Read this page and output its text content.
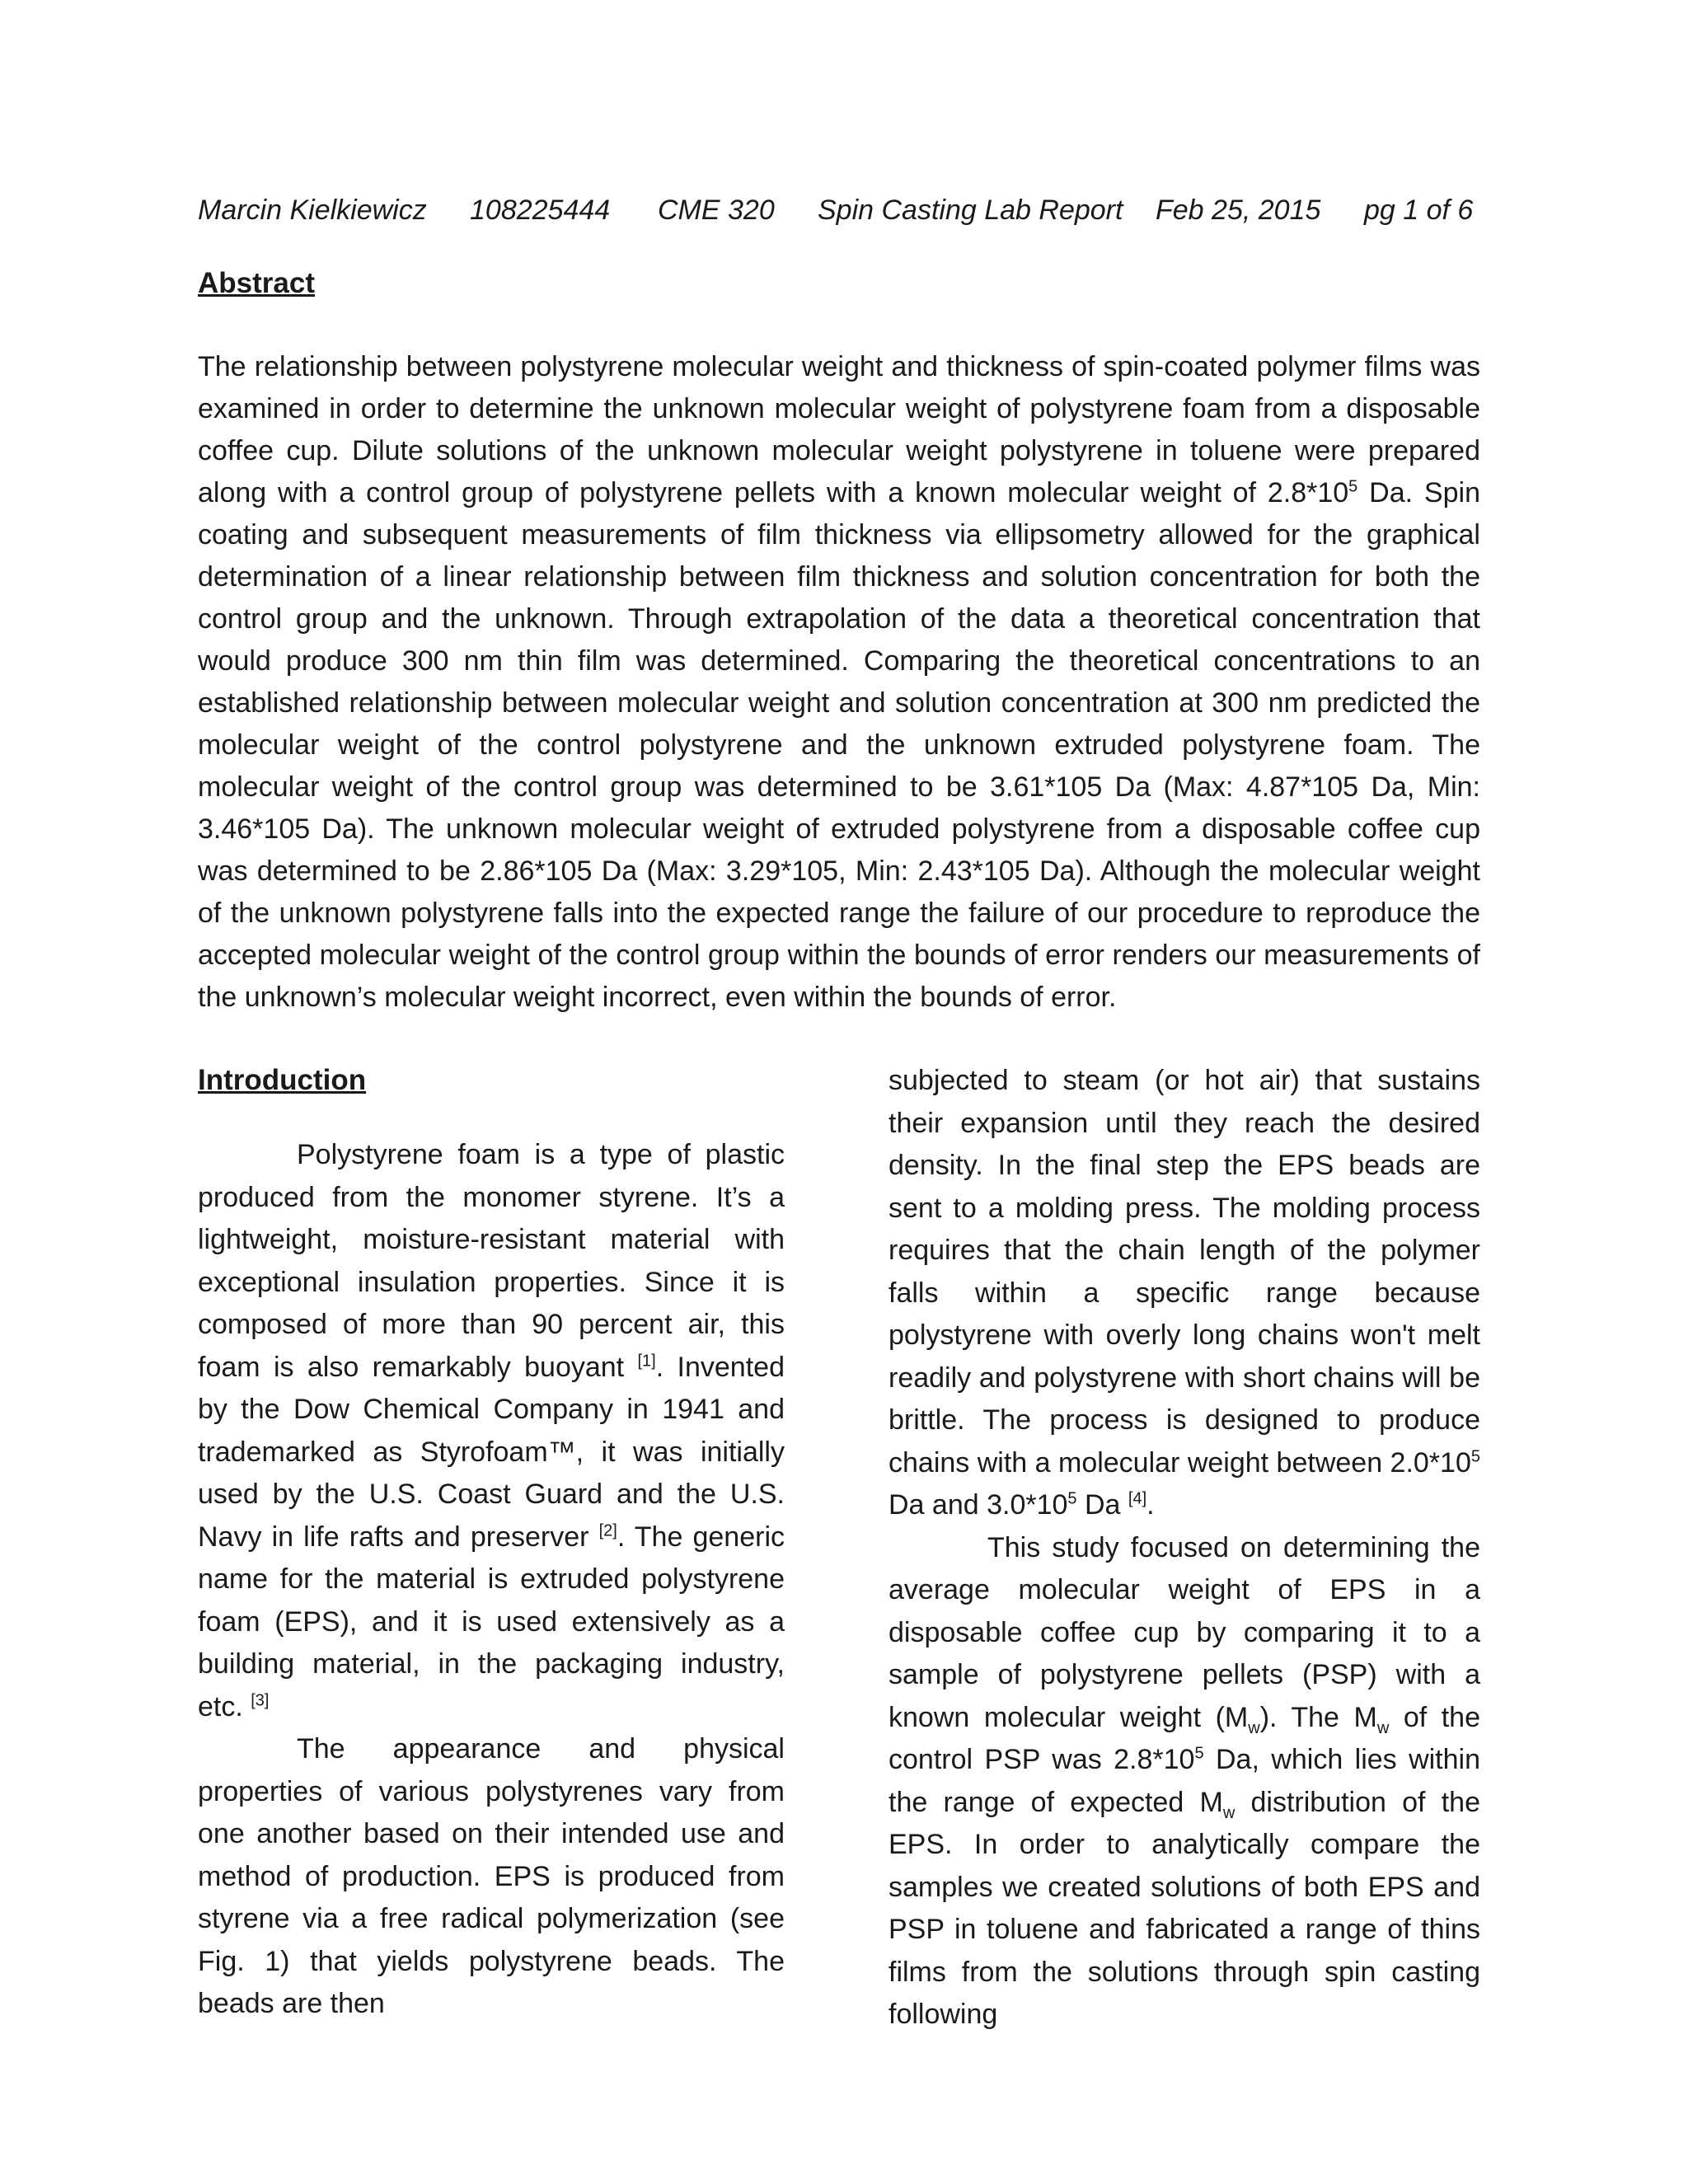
Marcin Kielkiewicz 108225444 CME 320 Spin Casting Lab Report Feb 25, 2015 pg 1 of 6
Abstract

The relationship between polystyrene molecular weight and thickness of spin-coated polymer films was examined in order to determine the unknown molecular weight of polystyrene foam from a disposable coffee cup. Dilute solutions of the unknown molecular weight polystyrene in toluene were prepared along with a control group of polystyrene pellets with a known molecular weight of $2.8*10^5$ Da. Spin coating and subsequent measurements of film thickness via ellipsometry allowed for the graphical determination of a linear relationship between film thickness and solution concentration for both the control group and the unknown. Through extrapolation of the data a theoretical concentration that would produce 300 nm thin film was determined. Comparing the theoretical concentrations to an established relationship between molecular weight and solution concentration at 300 nm predicted the molecular weight of the control polystyrene and the unknown extruded polystyrene foam. The molecular weight of the control group was determined to be 3.61*105 Da (Max: 4.87*105 Da, Min: 3.46*105 Da). The unknown molecular weight of extruded polystyrene from a disposable coffee cup was determined to be 2.86*105 Da (Max: 3.29*105, Min: 2.43*105 Da). Although the molecular weight of the unknown polystyrene falls into the expected range the failure of our procedure to reproduce the accepted molecular weight of the control group within the bounds of error renders our measurements of the unknown’s molecular weight incorrect, even within the bounds of error.

Introduction

Polystyrene foam is a type of plastic produced from the monomer styrene. It’s a lightweight, moisture-resistant material with exceptional insulation properties. Since it is composed of more than 90 percent air, this foam is also remarkably buoyant [1]. Invented by the Dow Chemical Company in 1941 and trademarked as Styrofoam™, it was initially used by the U.S. Coast Guard and the U.S. Navy in life rafts and preserver [2]. The generic name for the material is extruded polystyrene foam (EPS), and it is used extensively as a building material, in the packaging industry, etc. [3]

The appearance and physical properties of various polystyrenes vary from one another based on their intended use and method of production. EPS is produced from styrene via a free radical polymerization (see Fig. 1) that yields polystyrene beads. The beads are then

subjected to steam (or hot air) that sustains their expansion until they reach the desired density. In the final step the EPS beads are sent to a molding press. The molding process requires that the chain length of the polymer falls within a specific range because polystyrene with overly long chains won't melt readily and polystyrene with short chains will be brittle. The process is designed to produce chains with a molecular weight between $2.0*10^5$ Da and $3.0*10^5$ Da [4].

This study focused on determining the average molecular weight of EPS in a disposable coffee cup by comparing it to a sample of polystyrene pellets (PSP) with a known molecular weight $(M_w)$. The $M_w$ of the control PSP was $2.8*10^5$ Da, which lies within the range of expected $M_w$ distribution of the EPS. In order to analytically compare the samples we created solutions of both EPS and PSP in toluene and fabricated a range of thins films from the solutions through spin casting following
